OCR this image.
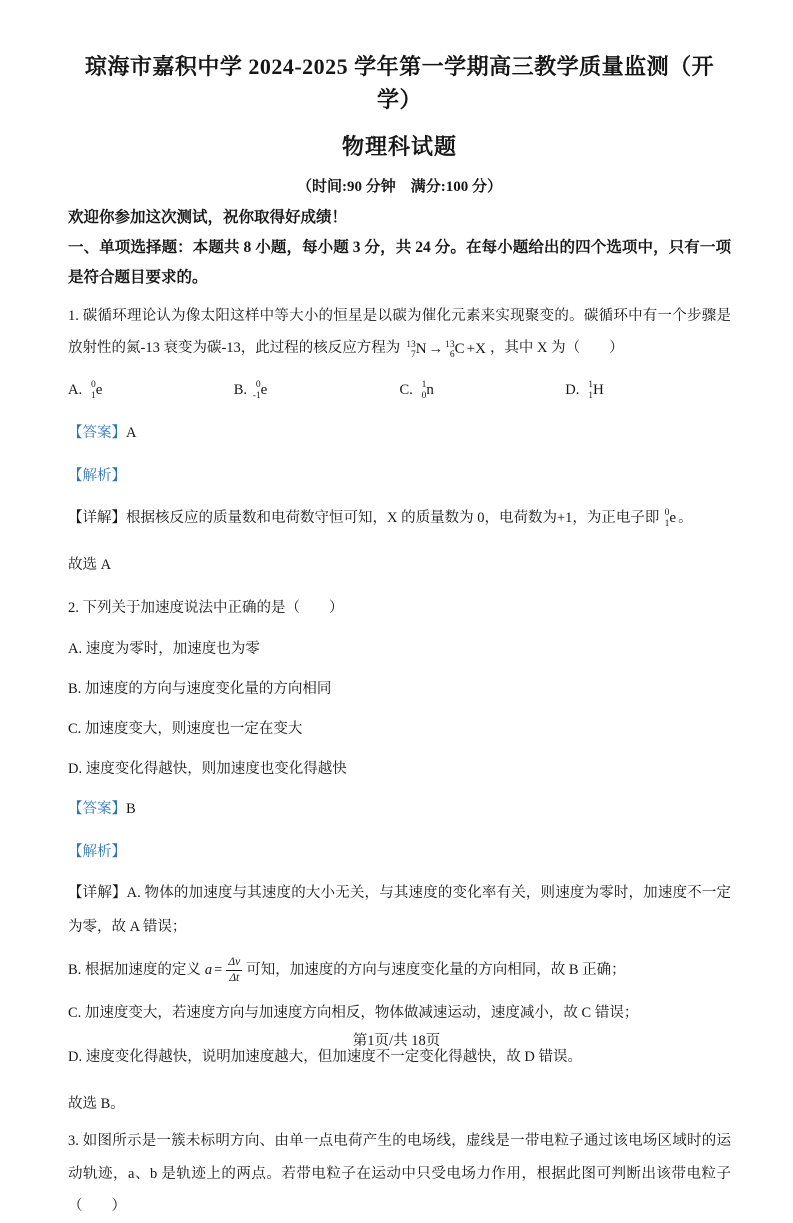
琼海市嘉积中学 2024-2025 学年第一学期高三教学质量监测（开学）
物理科试题
（时间:90 分钟　满分:100 分）
欢迎你参加这次测试，祝你取得好成绩！
一、单项选择题：本题共 8 小题，每小题 3 分，共 24 分。在每小题给出的四个选项中，只有一项是符合题目要求的。
1. 碳循环理论认为像太阳这样中等大小的恒星是以碳为催化元素来实现聚变的。碳循环中有一个步骤是放射性的氮-13 衰变为碳-13，此过程的核反应方程为 13
7 N → 13
6 C +X ，其中 X 为（　　）
A. 0
1 e	B. 0
-1 e	C. 1
0 n	D. 1
1 H
【答案】A
【解析】
【详解】根据核反应的质量数和电荷数守恒可知，X 的质量数为 0，电荷数为+1，为正电子即 0
1 e 。
故选 A
2. 下列关于加速度说法中正确的是（　　）
A. 速度为零时，加速度也为零
B. 加速度的方向与速度变化量的方向相同
C. 加速度变大，则速度也一定在变大
D. 速度变化得越快，则加速度也变化得越快
【答案】B
【解析】
【详解】A. 物体的加速度与其速度的大小无关，与其速度的变化率有关，则速度为零时，加速度不一定为零，故 A 错误；
B. 根据加速度的定义 $a = \frac{\Delta v}{\Delta t}$ 可知，加速度的方向与速度变化量的方向相同，故 B 正确；
C. 加速度变大，若速度方向与加速度方向相反，物体做减速运动，速度减小，故 C 错误；
D. 速度变化得越快，说明加速度越大，但加速度不一定变化得越快，故 D 错误。
故选 B。
3. 如图所示是一簇未标明方向、由单一点电荷产生的电场线，虚线是一带电粒子通过该电场区域时的运动轨迹，a、b 是轨迹上的两点。若带电粒子在运动中只受电场力作用，根据此图可判断出该带电粒子（　　）
第1页/共 18页
